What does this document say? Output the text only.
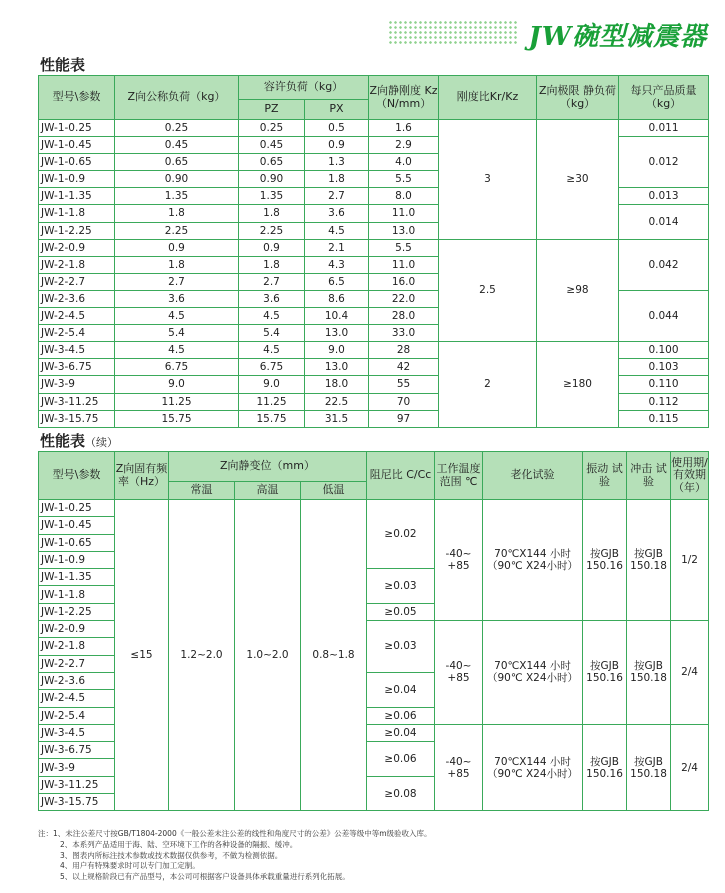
JW碗型减震器
性能表
型号\参数	Z向公称负荷（kg）	容许负荷（kg）		Z向静刚度 Kz（N/mm）	刚度比Kr/Kz	Z向极限 静负荷（kg）	每只产品质量（kg）
		PZ	PX				
JW-1-0.25	0.25	0.25	0.5	1.6	3	≥30	0.011
JW-1-0.45	0.45	0.45	0.9	2.9			0.012
JW-1-0.65	0.65	0.65	1.3	4.0			
JW-1-0.9	0.90	0.90	1.8	5.5			
JW-1-1.35	1.35	1.35	2.7	8.0			0.013
JW-1-1.8	1.8	1.8	3.6	11.0			0.014
JW-1-2.25	2.25	2.25	4.5	13.0			
JW-2-0.9	0.9	0.9	2.1	5.5	2.5	≥98	0.042
JW-2-1.8	1.8	1.8	4.3	11.0			
JW-2-2.7	2.7	2.7	6.5	16.0			
JW-2-3.6	3.6	3.6	8.6	22.0			0.044
JW-2-4.5	4.5	4.5	10.4	28.0			
JW-2-5.4	5.4	5.4	13.0	33.0			
JW-3-4.5	4.5	4.5	9.0	28	2	≥180	0.100
JW-3-6.75	6.75	6.75	13.0	42			0.103
JW-3-9	9.0	9.0	18.0	55			0.110
JW-3-11.25	11.25	11.25	22.5	70			0.112
JW-3-15.75	15.75	15.75	31.5	97			0.115
性能表（续）
型号\参数	Z向固有频率（Hz）	Z向静变位（mm）			阻尼比 C/Cc	工作温度范围 ℃	老化试验	振动 试验	冲击 试验	使用期/ 有效期 （年）
		常温	高温	低温						
JW-1-0.25	≤15	1.2~2.0	1.0~2.0	0.8~1.8	≥0.02	-40~ +85	70℃X144 小时（90℃ X24小时）	按GJB 150.16	按GJB 150.18	1/2
JW-1-0.45										
JW-1-0.65										
JW-1-0.9										
JW-1-1.35					≥0.03					
JW-1-1.8										
JW-1-2.25					≥0.05					
JW-2-0.9					≥0.03	-40~ +85	70℃X144 小时（90℃ X24小时）	按GJB 150.16	按GJB 150.18	2/4
JW-2-1.8										
JW-2-2.7										
JW-2-3.6					≥0.04					
JW-2-4.5										
JW-2-5.4					≥0.06					
JW-3-4.5					≥0.04	-40~ +85	70℃X144 小时（90℃ X24小时）	按GJB 150.16	按GJB 150.18	2/4
JW-3-6.75					≥0.06					
JW-3-9										
JW-3-11.25					≥0.08					
JW-3-15.75										
注：1、未注公差尺寸按GB/T1804-2000《一般公差未注公差的线性和角度尺寸的公差》公差等级中等m级验收入库。
2、本系列产品适用于海、陆、空环境下工作的各种设备的隔振、缓冲。
3、图表内所标注技术参数或技术数据仅供参考，不做为检测依据。
4、用户有特殊要求时可以专门加工定制。
5、以上规格阶段已有产品型号，本公司可根据客户设备具体承载重量进行系列化拓展。
